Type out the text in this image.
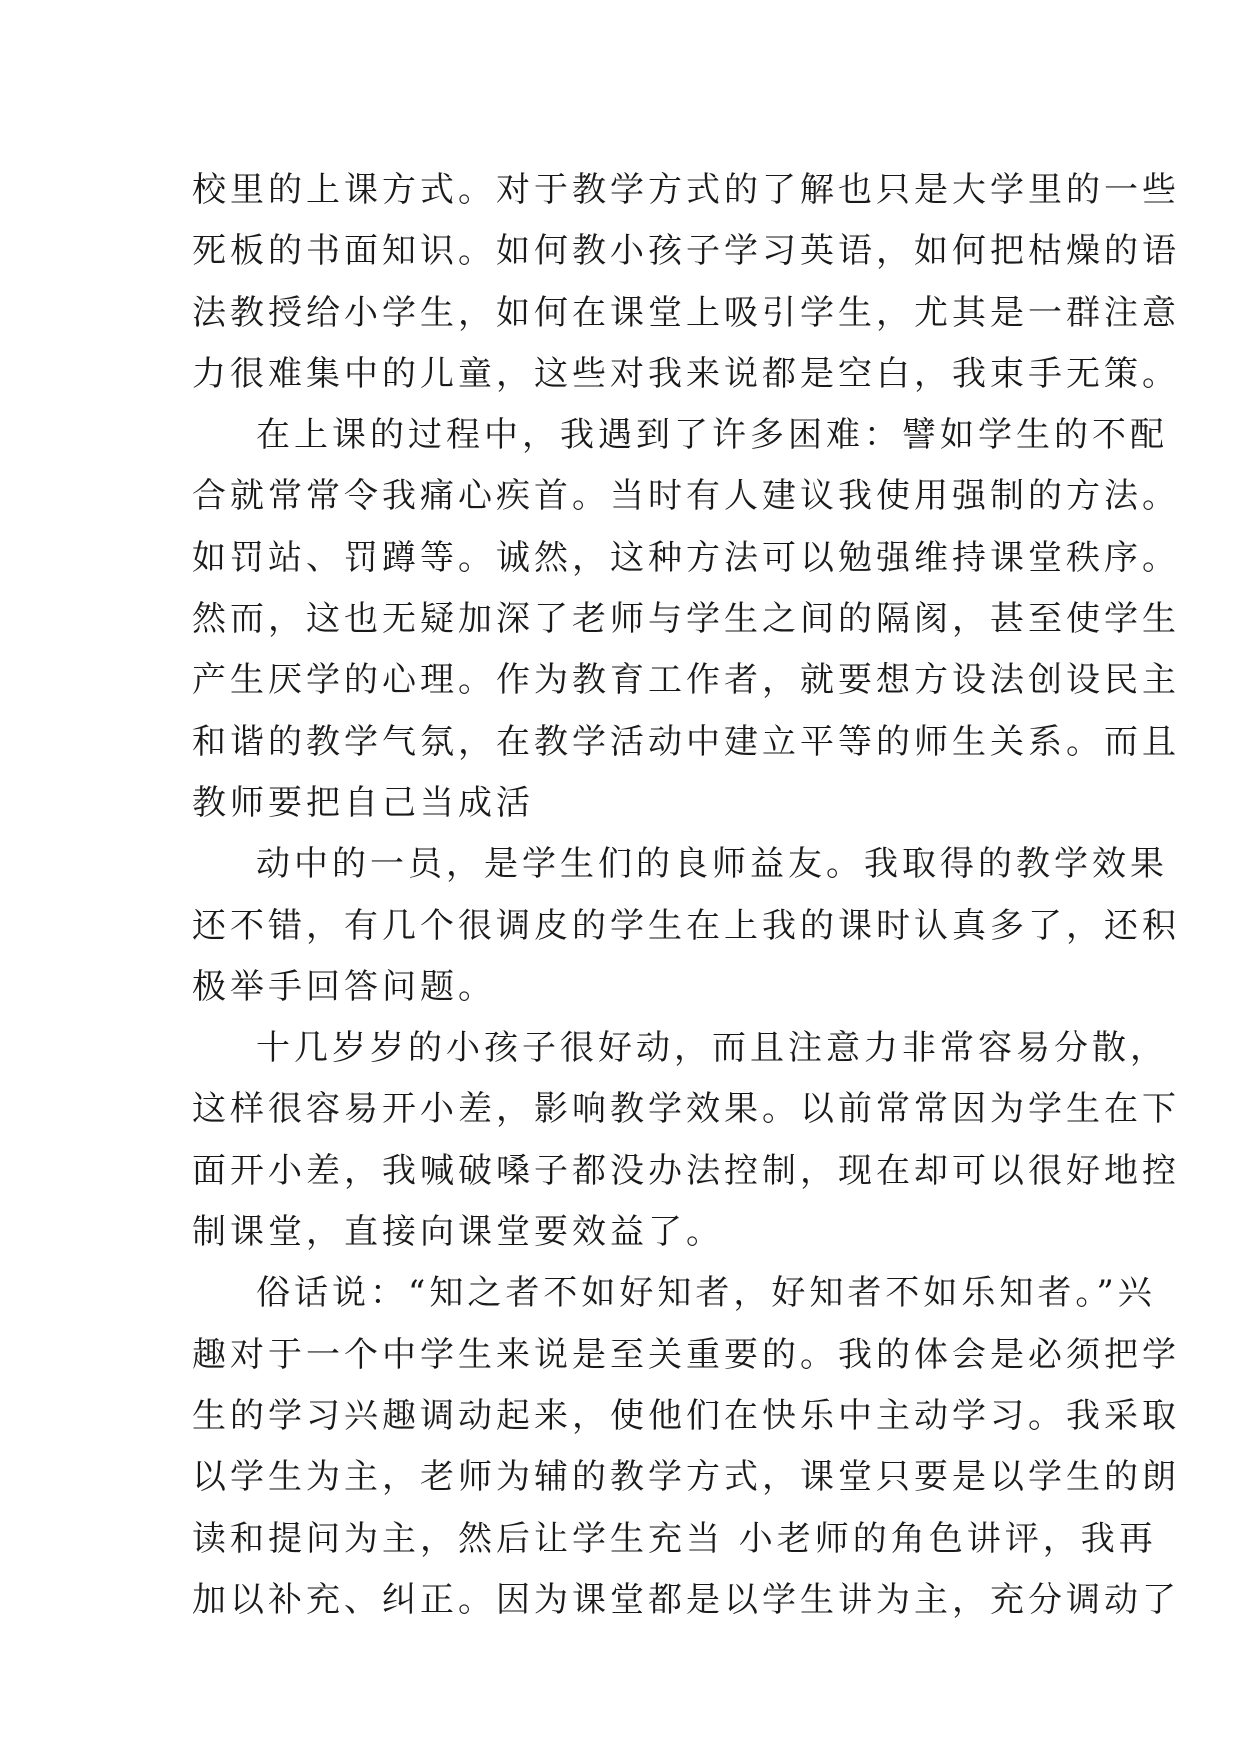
校里的上课方式。对于教学方式的了解也只是大学里的一些
死板的书面知识。如何教小孩子学习英语，如何把枯燥的语
法教授给小学生，如何在课堂上吸引学生，尤其是一群注意
力很难集中的儿童，这些对我来说都是空白，我束手无策。
在上课的过程中，我遇到了许多困难：譬如学生的不配
合就常常令我痛心疾首。当时有人建议我使用强制的方法。
如罚站、罚蹲等。诚然，这种方法可以勉强维持课堂秩序。
然而，这也无疑加深了老师与学生之间的隔阂，甚至使学生
产生厌学的心理。作为教育工作者，就要想方设法创设民主
和谐的教学气氛，在教学活动中建立平等的师生关系。而且
教师要把自己当成活
动中的一员，是学生们的良师益友。我取得的教学效果
还不错，有几个很调皮的学生在上我的课时认真多了，还积
极举手回答问题。
十几岁岁的小孩子很好动，而且注意力非常容易分散，
这样很容易开小差，影响教学效果。以前常常因为学生在下
面开小差，我喊破嗓子都没办法控制，现在却可以很好地控
制课堂，直接向课堂要效益了。
俗话说：“知之者不如好知者，好知者不如乐知者。”兴
趣对于一个中学生来说是至关重要的。我的体会是必须把学
生的学习兴趣调动起来，使他们在快乐中主动学习。我采取
以学生为主，老师为辅的教学方式，课堂只要是以学生的朗
读和提问为主，然后让学生充当 小老师的角色讲评，我再
加以补充、纠正。因为课堂都是以学生讲为主，充分调动了
